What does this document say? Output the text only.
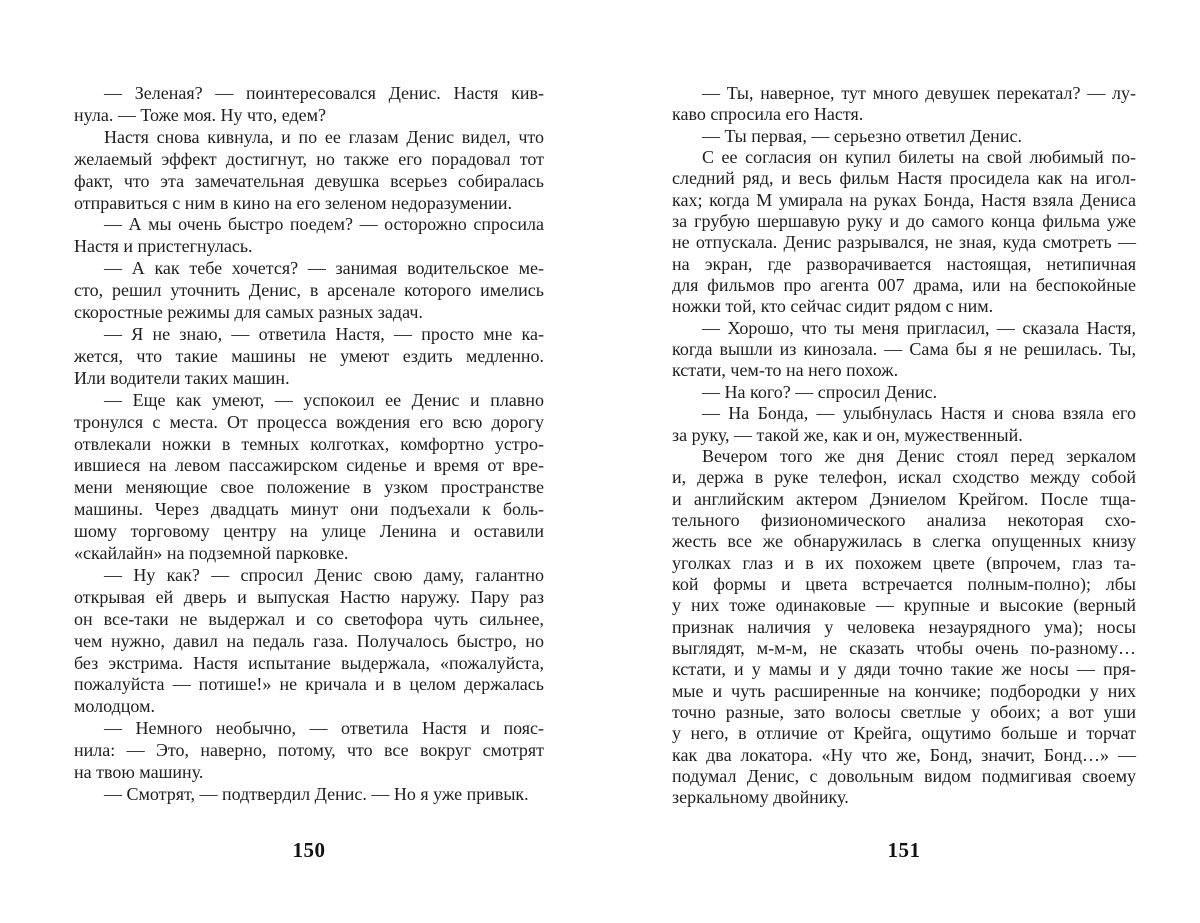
— Зеленая? — поинтересовался Денис. Настя кив-
нула. — Тоже моя. Ну что, едем?
Настя снова кивнула, и по ее глазам Денис видел, что
желаемый эффект достигнут, но также его порадовал тот
факт, что эта замечательная девушка всерьез собиралась
отправиться с ним в кино на его зеленом недоразумении.
— А мы очень быстро поедем? — осторожно спросила
Настя и пристегнулась.
— А как тебе хочется? — занимая водительское ме-
сто, решил уточнить Денис, в арсенале которого имелись
скоростные режимы для самых разных задач.
— Я не знаю, — ответила Настя, — просто мне ка-
жется, что такие машины не умеют ездить медленно.
Или водители таких машин.
— Еще как умеют, — успокоил ее Денис и плавно
тронулся с места. От процесса вождения его всю дорогу
отвлекали ножки в темных колготках, комфортно устро-
ившиеся на левом пассажирском сиденье и время от вре-
мени меняющие свое положение в узком пространстве
машины. Через двадцать минут они подъехали к боль-
шому торговому центру на улице Ленина и оставили
«скайлайн» на подземной парковке.
— Ну как? — спросил Денис свою даму, галантно
открывая ей дверь и выпуская Настю наружу. Пару раз
он все-таки не выдержал и со светофора чуть сильнее,
чем нужно, давил на педаль газа. Получалось быстро, но
без экстрима. Настя испытание выдержала, «пожалуйста,
пожалуйста — потише!» не кричала и в целом держалась
молодцом.
— Немного необычно, — ответила Настя и пояс-
нила: — Это, наверно, потому, что все вокруг смотрят
на твою машину.
— Смотрят, — подтвердил Денис. — Но я уже привык.
150
— Ты, наверное, тут много девушек перекатал? — лу-
каво спросила его Настя.
— Ты первая, — серьезно ответил Денис.
С ее согласия он купил билеты на свой любимый по-
следний ряд, и весь фильм Настя просидела как на игол-
ках; когда М умирала на руках Бонда, Настя взяла Дениса
за грубую шершавую руку и до самого конца фильма уже
не отпускала. Денис разрывался, не зная, куда смотреть —
на экран, где разворачивается настоящая, нетипичная
для фильмов про агента 007 драма, или на беспокойные
ножки той, кто сейчас сидит рядом с ним.
— Хорошо, что ты меня пригласил, — сказала Настя,
когда вышли из кинозала. — Сама бы я не решилась. Ты,
кстати, чем-то на него похож.
— На кого? — спросил Денис.
— На Бонда, — улыбнулась Настя и снова взяла его
за руку, — такой же, как и он, мужественный.
Вечером того же дня Денис стоял перед зеркалом
и, держа в руке телефон, искал сходство между собой
и английским актером Дэниелом Крейгом. После тща-
тельного физиономического анализа некоторая схо-
жесть все же обнаружилась в слегка опущенных книзу
уголках глаз и в их похожем цвете (впрочем, глаз та-
кой формы и цвета встречается полным-полно); лбы
у них тоже одинаковые — крупные и высокие (верный
признак наличия у человека незаурядного ума); носы
выглядят, м-м-м, не сказать чтобы очень по-разному…
кстати, и у мамы и у дяди точно такие же носы — пря-
мые и чуть расширенные на кончике; подбородки у них
точно разные, зато волосы светлые у обоих; а вот уши
у него, в отличие от Крейга, ощутимо больше и торчат
как два локатора. «Ну что же, Бонд, значит, Бонд…» —
подумал Денис, с довольным видом подмигивая своему
зеркальному двойнику.
151
